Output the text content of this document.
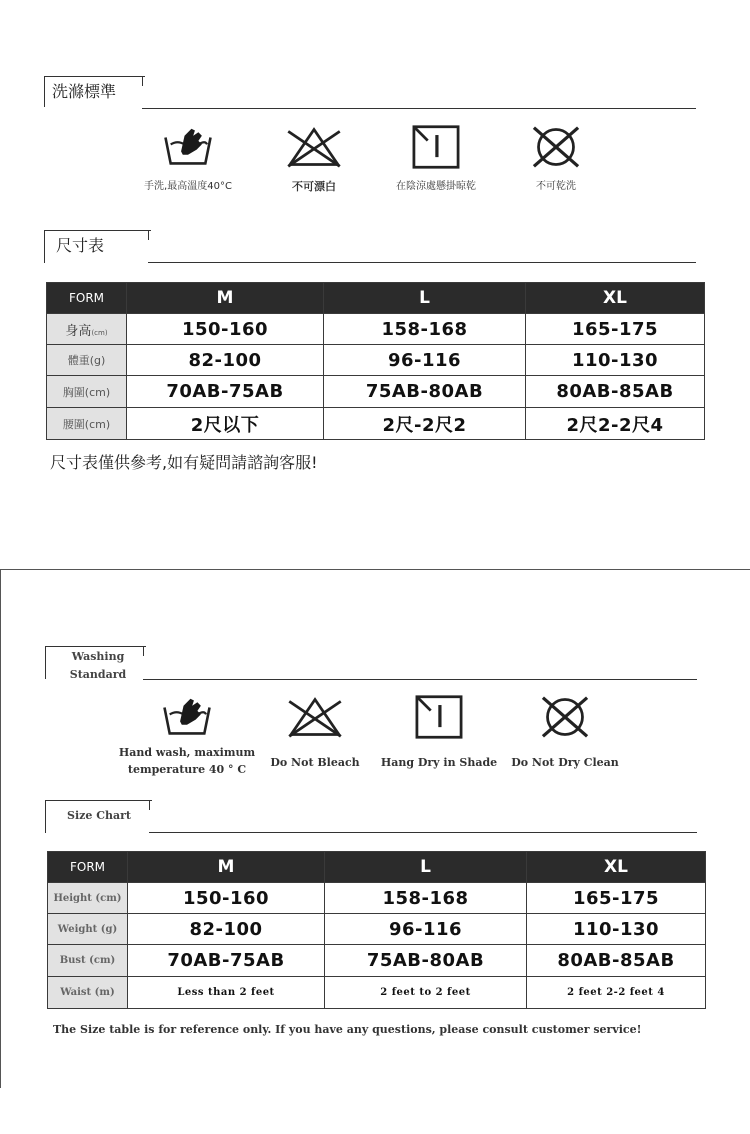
洗滌標準
手洗,最高溫度40°C	不可漂白	在陰涼處懸掛晾乾	不可乾洗
尺寸表
FORM	M	L	XL
身高(cm)	150-160	158-168	165-175
體重(g)	82-100	96-116	110-130
胸圍(cm)	70AB-75AB	75AB-80AB	80AB-85AB
腰圍(cm)	2尺以下	2尺-2尺2	2尺2-2尺4
尺寸表僅供參考,如有疑問請諮詢客服!
Washing
Standard
Hand wash, maximum
temperature 40 ° C
Do Not Bleach	Hang Dry in Shade	Do Not Dry Clean
Size Chart
FORM	M	L	XL
Height (cm)	150-160	158-168	165-175
Weight (g)	82-100	96-116	110-130
Bust (cm)	70AB-75AB	75AB-80AB	80AB-85AB
Waist (m)	Less than 2 feet	2 feet to 2 feet	2 feet 2-2 feet 4
The Size table is for reference only. If you have any questions, please consult customer service!
